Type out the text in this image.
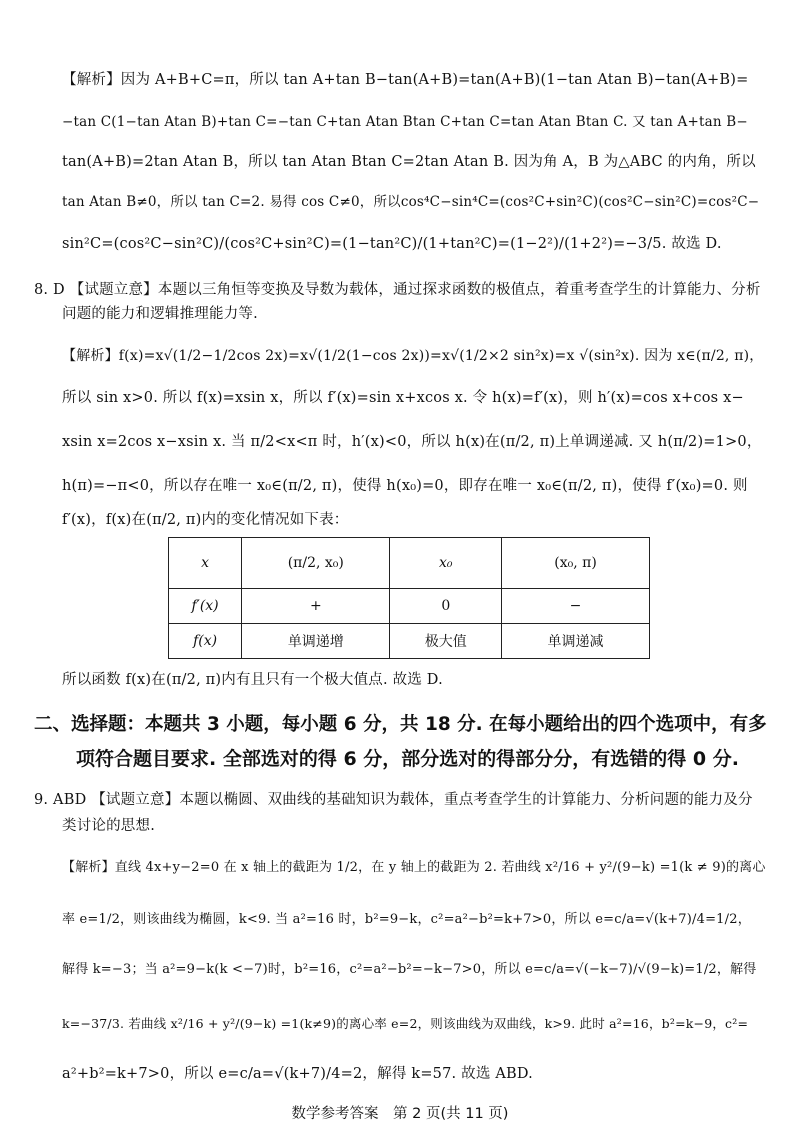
【解析】因为 A+B+C=π，所以 tan A+tan B−tan(A+B)=tan(A+B)(1−tan Atan B)−tan(A+B)=
−tan C(1−tan Atan B)+tan C=−tan C+tan Atan Btan C+tan C=tan Atan Btan C. 又 tan A+tan B−
tan(A+B)=2tan Atan B，所以 tan Atan Btan C=2tan Atan B. 因为角 A，B 为△ABC 的内角，所以
tan Atan B≠0，所以 tan C=2. 易得 cos C≠0，所以cos⁴C−sin⁴C=(cos²C+sin²C)(cos²C−sin²C)=cos²C−
sin²C=(cos²C−sin²C)/(cos²C+sin²C)=(1−tan²C)/(1+tan²C)=(1−2²)/(1+2²)=−3/5. 故选 D.
8. D 【试题立意】本题以三角恒等变换及导数为载体，通过探求函数的极值点，着重考查学生的计算能力、分析
问题的能力和逻辑推理能力等.
【解析】f(x)=x√(1/2−1/2cos 2x)=x√(1/2(1−cos 2x))=x√(1/2×2 sin²x)=x √(sin²x). 因为 x∈(π/2, π)，
所以 sin x>0. 所以 f(x)=xsin x，所以 f′(x)=sin x+xcos x. 令 h(x)=f′(x)，则 h′(x)=cos x+cos x−
xsin x=2cos x−xsin x. 当 π/2<x<π 时，h′(x)<0，所以 h(x)在(π/2, π)上单调递减. 又 h(π/2)=1>0，
h(π)=−π<0，所以存在唯一 x₀∈(π/2, π)，使得 h(x₀)=0，即存在唯一 x₀∈(π/2, π)，使得 f′(x₀)=0. 则
f′(x)，f(x)在(π/2, π)内的变化情况如下表：
x	(π/2, x₀)	x₀	(x₀, π)
f′(x)	+	0	−
f(x)	单调递增	极大值	单调递减
所以函数 f(x)在(π/2, π)内有且只有一个极大值点. 故选 D.
二、选择题：本题共 3 小题，每小题 6 分，共 18 分. 在每小题给出的四个选项中，有多
项符合题目要求. 全部选对的得 6 分，部分选对的得部分分，有选错的得 0 分.
9. ABD 【试题立意】本题以椭圆、双曲线的基础知识为载体，重点考查学生的计算能力、分析问题的能力及分
类讨论的思想.
【解析】直线 4x+y−2=0 在 x 轴上的截距为 1/2，在 y 轴上的截距为 2. 若曲线 x²/16 + y²/(9−k) =1(k ≠ 9)的离心
率 e=1/2，则该曲线为椭圆，k<9. 当 a²=16 时，b²=9−k，c²=a²−b²=k+7>0，所以 e=c/a=√(k+7)/4=1/2，
解得 k=−3；当 a²=9−k(k <−7)时，b²=16，c²=a²−b²=−k−7>0，所以 e=c/a=√(−k−7)/√(9−k)=1/2，解得
k=−37/3. 若曲线 x²/16 + y²/(9−k) =1(k≠9)的离心率 e=2，则该曲线为双曲线，k>9. 此时 a²=16，b²=k−9，c²=
a²+b²=k+7>0，所以 e=c/a=√(k+7)/4=2，解得 k=57. 故选 ABD.
数学参考答案　第 2 页(共 11 页)
